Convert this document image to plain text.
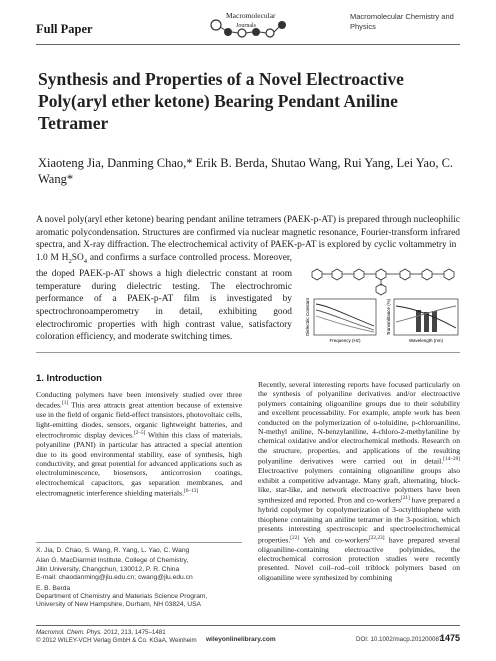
Full Paper
Macromolecular
Journals
Macromolecular Chemistry and Physics
Synthesis and Properties of a Novel Electroactive Poly(aryl ether ketone) Bearing Pendant Aniline Tetramer
Xiaoteng Jia, Danming Chao,* Erik B. Berda, Shutao Wang, Rui Yang, Lei Yao, C. Wang*
A novel poly(aryl ether ketone) bearing pendant aniline tetramers (PAEK-p-AT) is prepared through nucleophilic aromatic polycondensation. Structures are confirmed via nuclear magnetic resonance, Fourier-transform infrared spectra, and X-ray diffraction. The electrochemical activity of PAEK-p-AT is explored by cyclic voltammetry in
1.0 M $H_2SO_4$ and confirms a surface controlled process. Moreover, the doped PAEK-p-AT shows a high dielectric constant at room temperature during dielectric testing. The electrochromic performance of a PAEK-p-AT film is investigated by spectrochronoamperometry in detail, exhibiting good electrochromic properties with high contrast value, satisfactory coloration efficiency, and moderate switching times.	Frequency (Hz)
Dielectric Constant
Wavelength (nm)
Transmittance (%)
1. Introduction
Conducting polymers have been intensively studied over three decades.[1] This area attracts great attention because of extensive use in the field of organic field-effect transistors, photovoltaic cells, light-emitting diodes, sensors, organic lightweight batteries, and electrochromic display devices.[2–5] Within this class of materials, polyaniline (PANI) in particular has attracted a special attention due to its good environmental stability, ease of synthesis, high conductivity, and great potential for advanced applications such as electroluminescence, biosensors, anticorrosion coatings, electrochemical capacitors, gas separation membranes, and electromagnetic interference shielding materials.[6–13]
Recently, several interesting reports have focused particularly on the synthesis of polyaniline derivatives and/or electroactive polymers containing oligoaniline groups due to their solubility and excellent processability. For example, ample work has been conducted on the polymerization of o-toluidine, p-chloroaniline, N-methyl aniline, N-benzylaniline, 4-chloro-2-methylaniline by chemical oxidative and/or electrochemical methods. Research on the structure, properties, and applications of the resulting polyaniline derivatives were carried out in detail.[14–20] Electroactive polymers containing oligoaniline groups also exhibit a competitive advantage. Many graft, alternating, block-like, star-like, and network electroactive polymers have been synthesized and reported. Pron and co-workers[21] have prepared a hybrid copolymer by copolymerization of 3-octylthiophene with thiophene containing an aniline tetramer in the 3-position, which presents interesting spectroscopic and spectroelectrochemical properties.[22] Yeh and co-workers[22,23] have prepared several oligoaniline-containing electroactive polyimides, the electrochemical corrosion protection studies were recently presented. Novel coil–rod–coil triblock polymers based on oligoaniline were synthesized by combining

X. Jia, D. Chao, S. Wang, R. Yang, L. Yao, C. Wang

Alan G. MacDiarmid Institute, College of Chemistry,

Jilin University, Changchun, 130012, P. R. China

E-mail: chaodanming@jlu.edu.cn; cwang@jlu.edu.cn

E. B. Berda

Department of Chemistry and Materials Science Program,

University of New Hampshire, Durham, NH 03824, USA

Macromol. Chem. Phys. 2012, 213, 1475–1481
© 2012 WILEY-VCH Verlag GmbH & Co. KGaA, Weinheim wileyonlinelibrary.com	DOI: 10.1002/macp.201200087
1475
